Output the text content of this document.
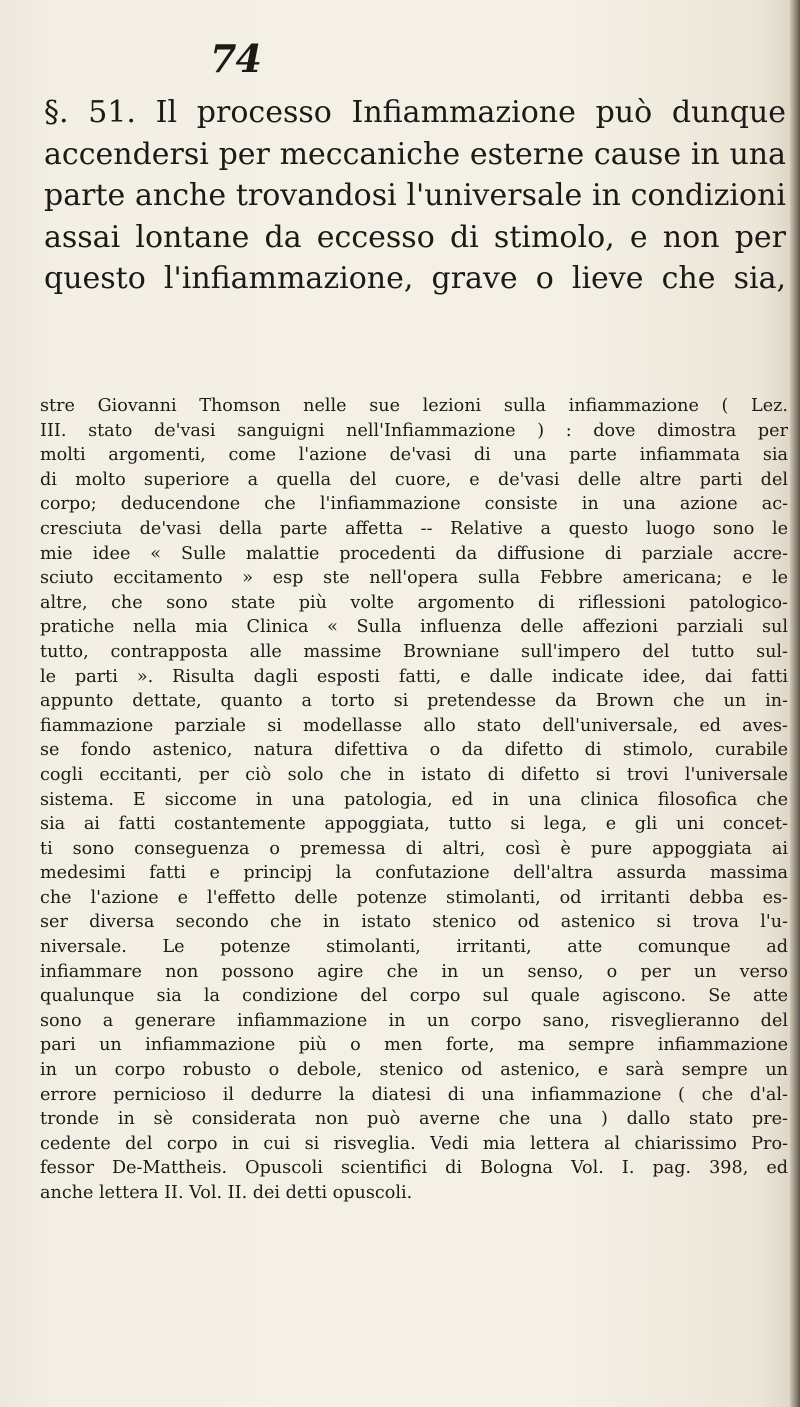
74
§. 51. Il processo Infiammazione può dunque
accendersi per meccaniche esterne cause in una
parte anche trovandosi l'universale in condizioni
assai lontane da eccesso di stimolo, e non per
questo l'infiammazione, grave o lieve che sia,
stre Giovanni Thomson nelle sue lezioni sulla infiammazione ( Lez.
III. stato de'vasi sanguigni nell'Infiammazione ) : dove dimostra per
molti argomenti, come l'azione de'vasi di una parte infiammata sia
di molto superiore a quella del cuore, e de'vasi delle altre parti del
corpo; deducendone che l'infiammazione consiste in una azione ac-
cresciuta de'vasi della parte affetta -- Relative a questo luogo sono le
mie idee « Sulle malattie procedenti da diffusione di parziale accre-
sciuto eccitamento » esp ste nell'opera sulla Febbre americana; e le
altre, che sono state più volte argomento di riflessioni patologico-
pratiche nella mia Clinica « Sulla influenza delle affezioni parziali sul
tutto, contrapposta alle massime Browniane sull'impero del tutto sul-
le parti ». Risulta dagli esposti fatti, e dalle indicate idee, dai fatti
appunto dettate, quanto a torto si pretendesse da Brown che un in-
fiammazione parziale si modellasse allo stato dell'universale, ed aves-
se fondo astenico, natura difettiva o da difetto di stimolo, curabile
cogli eccitanti, per ciò solo che in istato di difetto si trovi l'universale
sistema. E siccome in una patologia, ed in una clinica filosofica che
sia ai fatti costantemente appoggiata, tutto si lega, e gli uni concet-
ti sono conseguenza o premessa di altri, così è pure appoggiata ai
medesimi fatti e principj la confutazione dell'altra assurda massima
che l'azione e l'effetto delle potenze stimolanti, od irritanti debba es-
ser diversa secondo che in istato stenico od astenico si trova l'u-
niversale. Le potenze stimolanti, irritanti, atte comunque ad
infiammare non possono agire che in un senso, o per un verso
qualunque sia la condizione del corpo sul quale agiscono. Se atte
sono a generare infiammazione in un corpo sano, risveglieranno del
pari un infiammazione più o men forte, ma sempre infiammazione
in un corpo robusto o debole, stenico od astenico, e sarà sempre un
errore pernicioso il dedurre la diatesi di una infiammazione ( che d'al-
tronde in sè considerata non può averne che una ) dallo stato pre-
cedente del corpo in cui si risveglia. Vedi mia lettera al chiarissimo Pro-
fessor De-Mattheis. Opuscoli scientifici di Bologna Vol. I. pag. 398, ed
anche lettera II. Vol. II. dei detti opuscoli.
